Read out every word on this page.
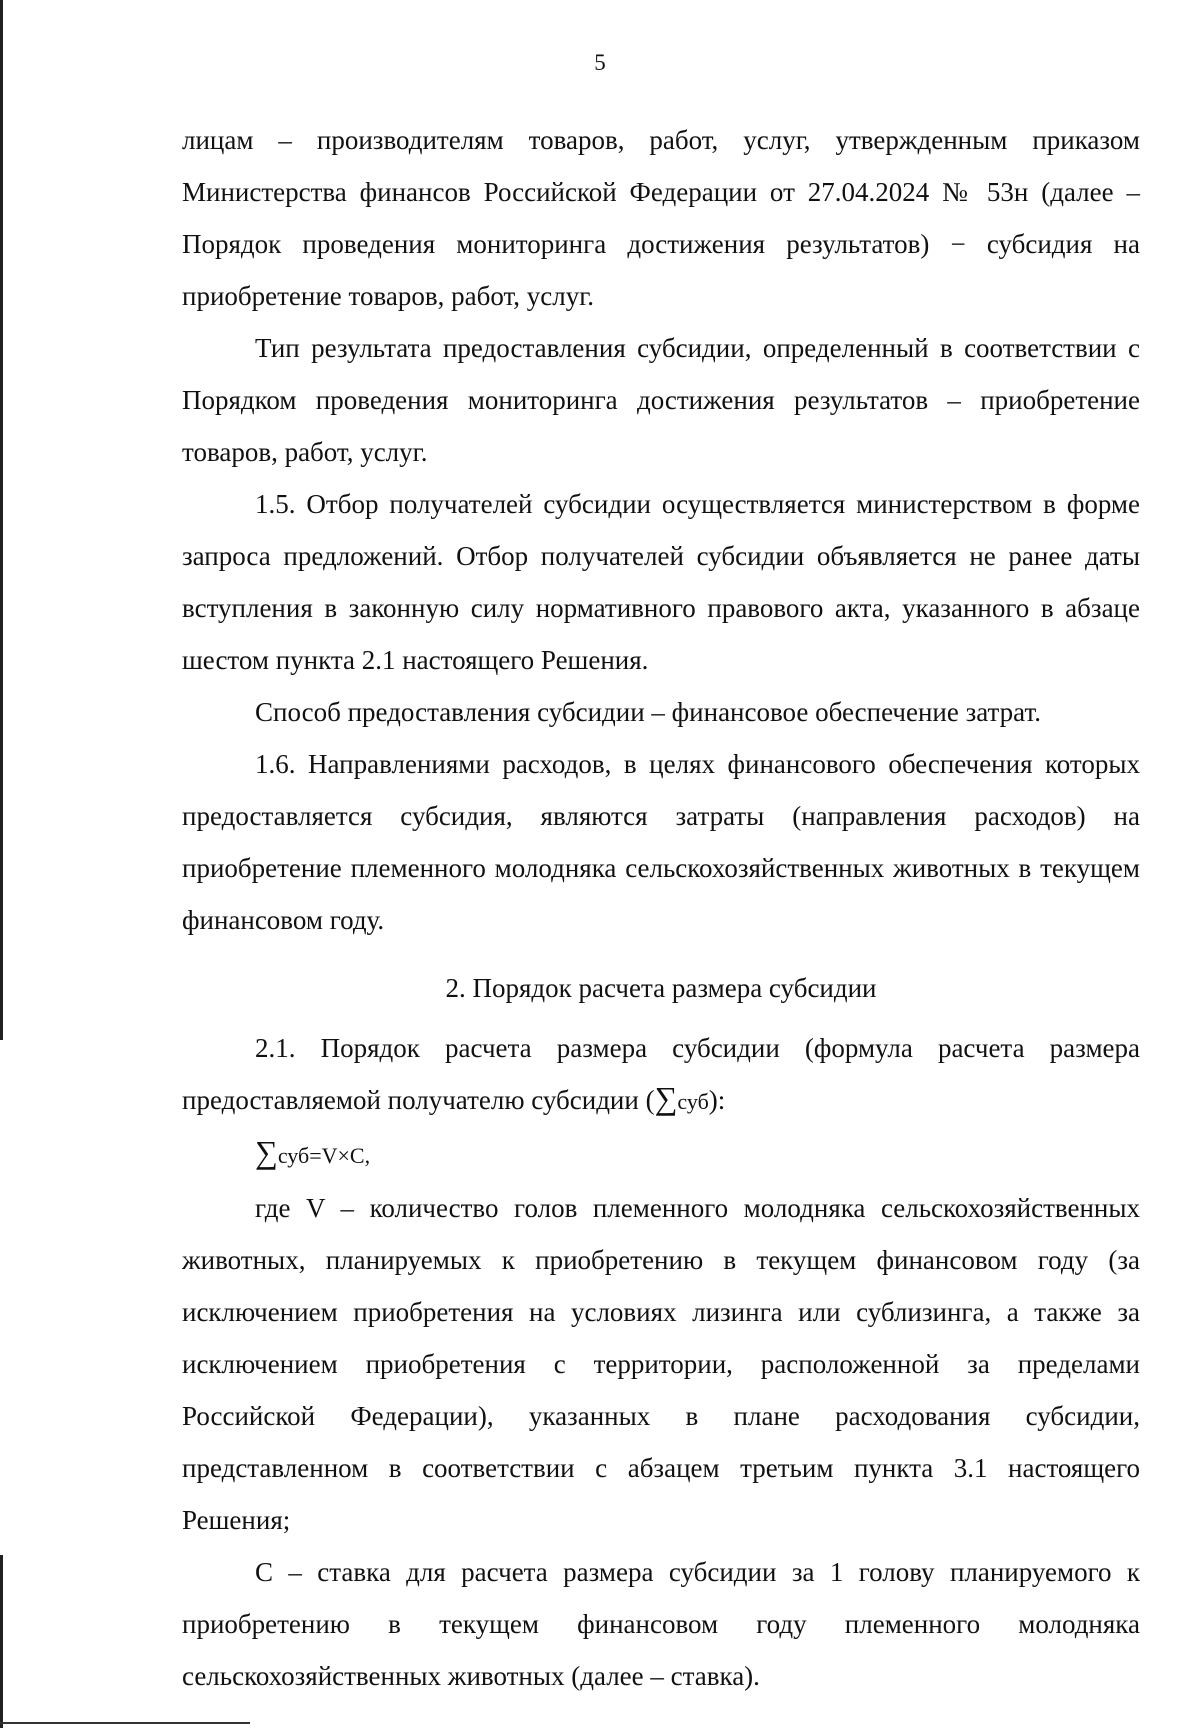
5

лицам – производителям товаров, работ, услуг, утвержденным приказом Министерства финансов Российской Федерации от 27.04.2024 № 53н (далее – Порядок проведения мониторинга достижения результатов) − субсидия на приобретение товаров, работ, услуг.

Тип результата предоставления субсидии, определенный в соответствии с Порядком проведения мониторинга достижения результатов – приобретение товаров, работ, услуг.

1.5. Отбор получателей субсидии осуществляется министерством в форме запроса предложений. Отбор получателей субсидии объявляется не ранее даты вступления в законную силу нормативного правового акта, указанного в абзаце шестом пункта 2.1 настоящего Решения.

Способ предоставления субсидии – финансовое обеспечение затрат.

1.6. Направлениями расходов, в целях финансового обеспечения которых предоставляется субсидия, являются затраты (направления расходов) на приобретение племенного молодняка сельскохозяйственных животных в текущем финансовом году.

2. Порядок расчета размера субсидии

2.1. Порядок расчета размера субсидии (формула расчета размера предоставляемой получателю субсидии (∑суб):

∑суб=V×C,

где V – количество голов племенного молодняка сельскохозяйственных животных, планируемых к приобретению в текущем финансовом году (за исключением приобретения на условиях лизинга или сублизинга, а также за исключением приобретения с территории, расположенной за пределами Российской Федерации), указанных в плане расходования субсидии, представленном в соответствии с абзацем третьим пункта 3.1 настоящего Решения;

С – ставка для расчета размера субсидии за 1 голову планируемого к приобретению в текущем финансовом году племенного молодняка сельскохозяйственных животных (далее – ставка).
